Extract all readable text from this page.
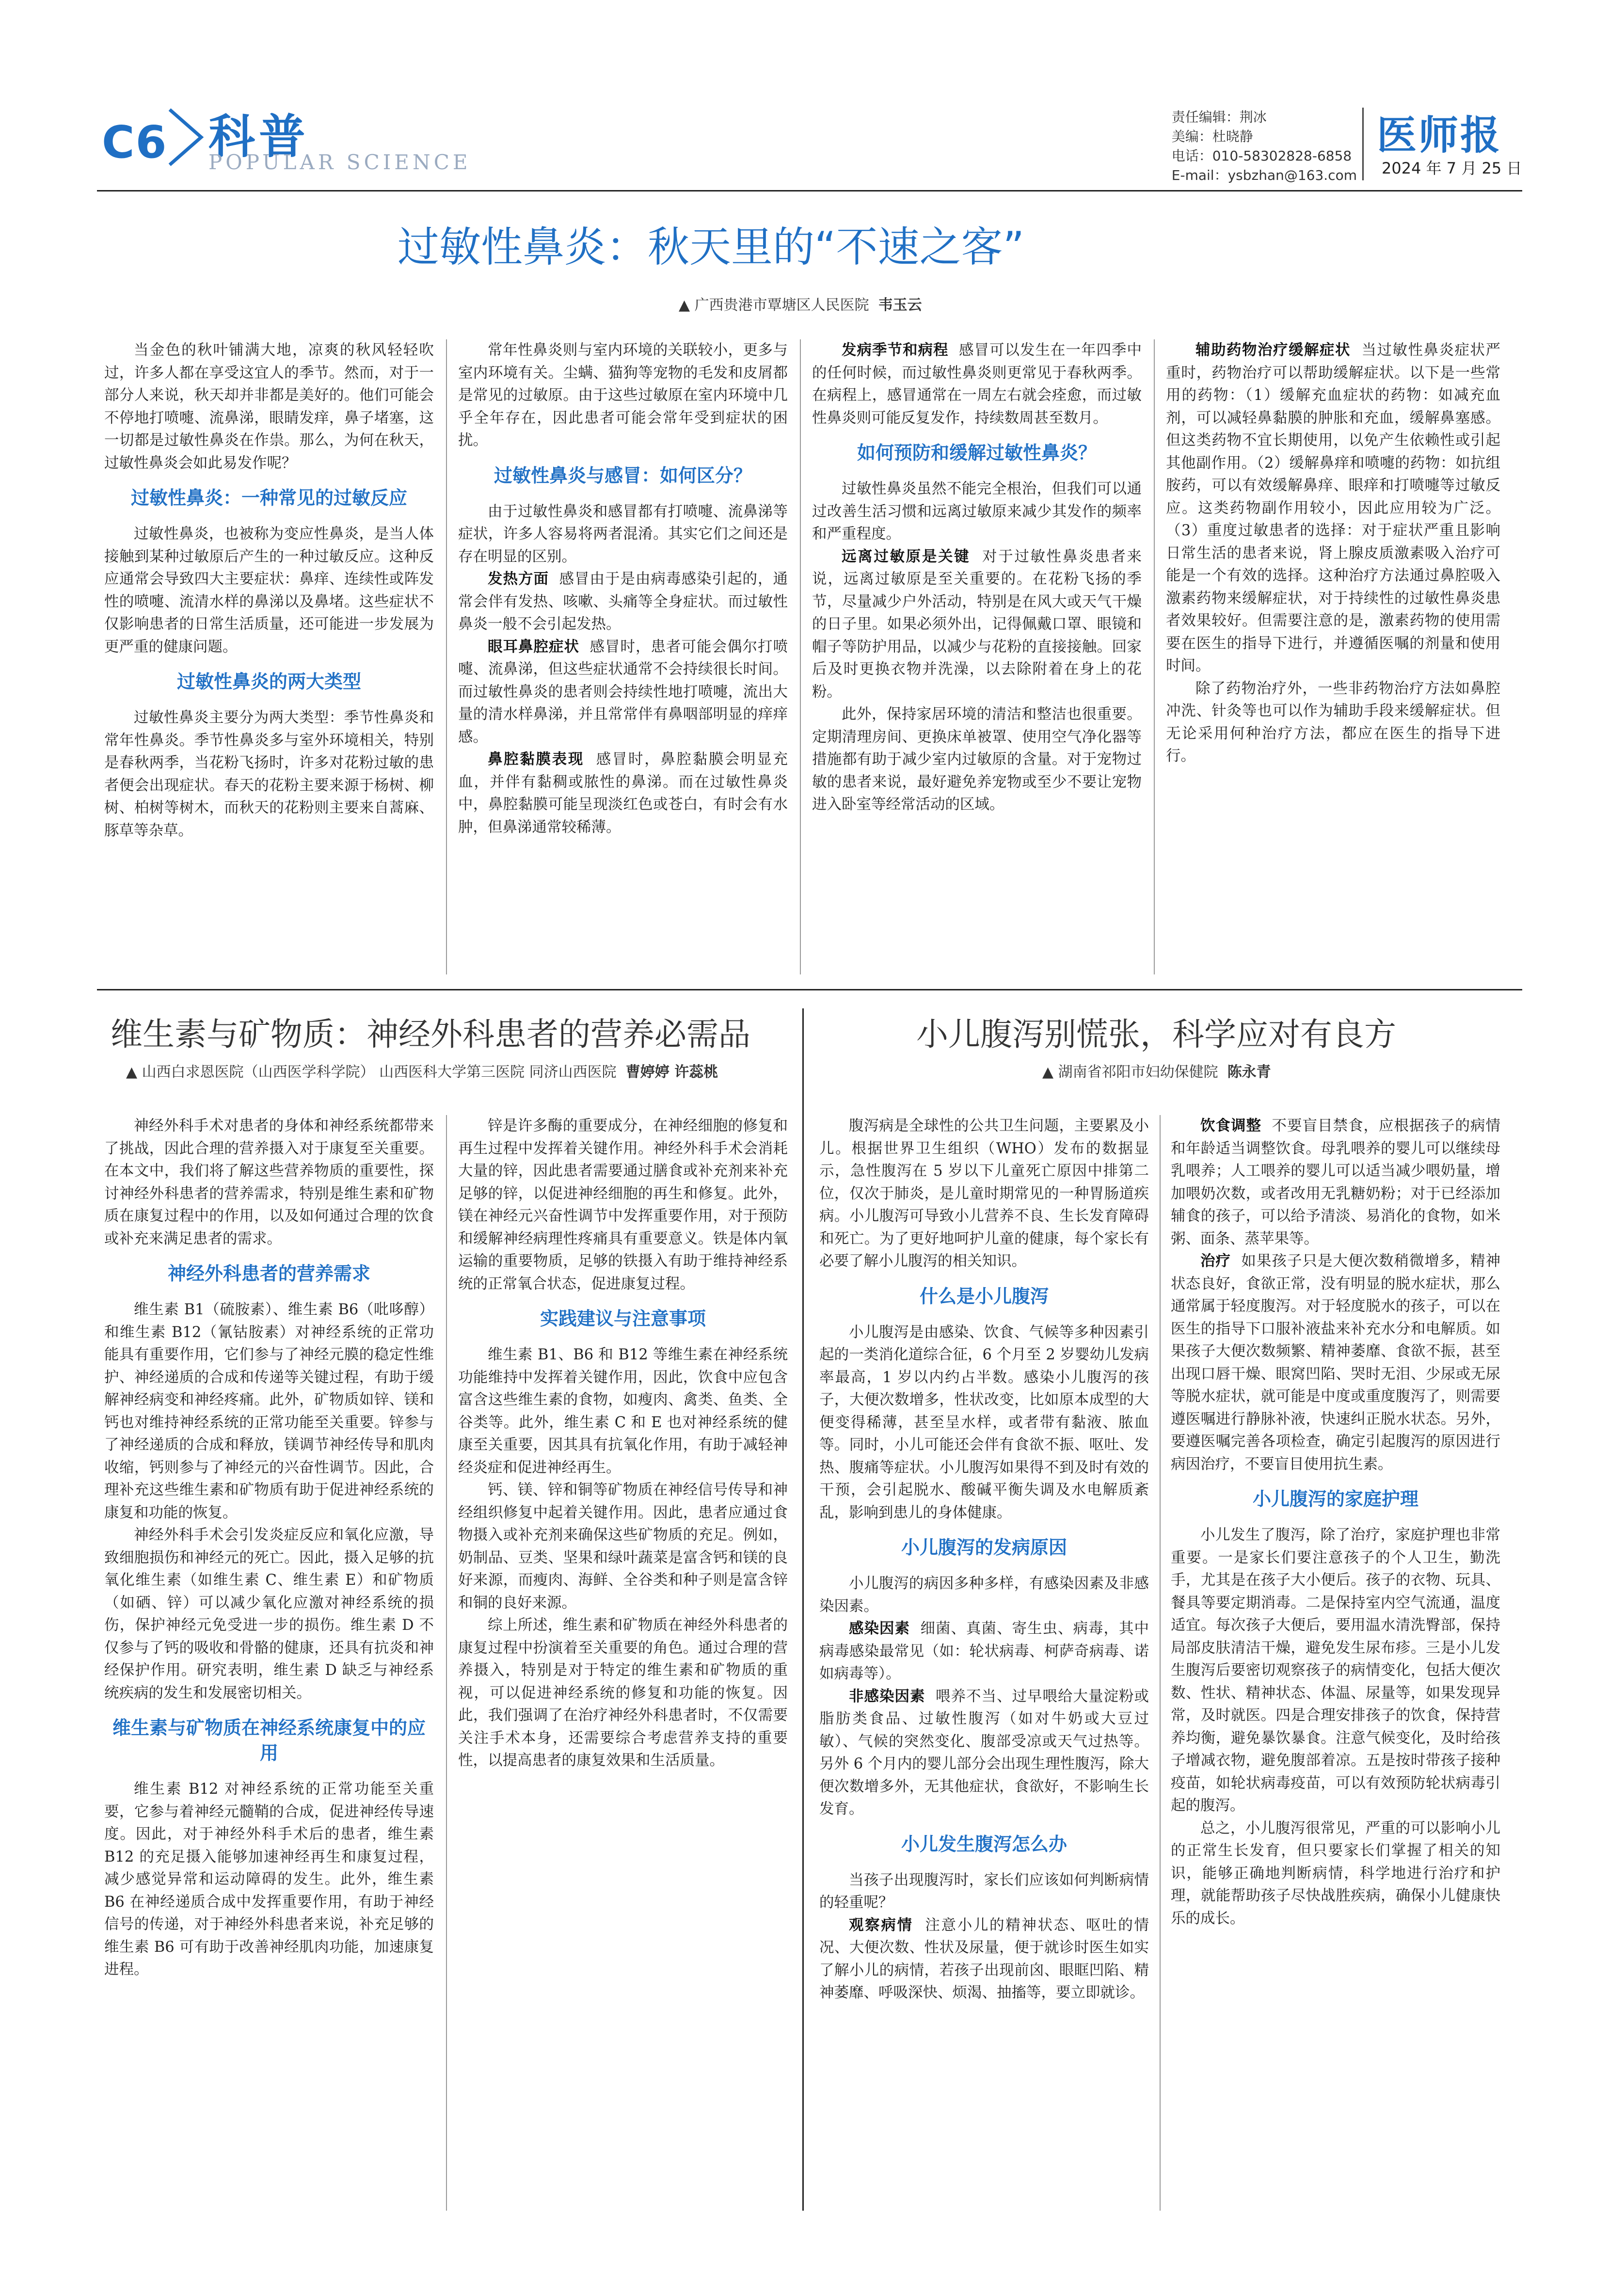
C6 科普
POPULAR SCIENCE
责任编辑：荆冰
美编：杜晓静
电话：010-58302828-6858
E-mail：ysbzhan@163.com
医师报
2024 年 7 月 25 日
过敏性鼻炎：秋天里的“不速之客”
▲ 广西贵港市覃塘区人民医院 韦玉云

当金色的秋叶铺满大地，凉爽的秋风轻轻吹过，许多人都在享受这宜人的季节。然而，对于一部分人来说，秋天却并非都是美好的。他们可能会不停地打喷嚏、流鼻涕，眼睛发痒，鼻子堵塞，这一切都是过敏性鼻炎在作祟。那么，为何在秋天，过敏性鼻炎会如此易发作呢？

过敏性鼻炎：一种常见的过敏反应

过敏性鼻炎，也被称为变应性鼻炎，是当人体接触到某种过敏原后产生的一种过敏反应。这种反应通常会导致四大主要症状：鼻痒、连续性或阵发性的喷嚏、流清水样的鼻涕以及鼻堵。这些症状不仅影响患者的日常生活质量，还可能进一步发展为更严重的健康问题。

过敏性鼻炎的两大类型

过敏性鼻炎主要分为两大类型：季节性鼻炎和常年性鼻炎。季节性鼻炎多与室外环境相关，特别是春秋两季，当花粉飞扬时，许多对花粉过敏的患者便会出现症状。春天的花粉主要来源于杨树、柳树、柏树等树木，而秋天的花粉则主要来自蒿麻、豚草等杂草。

常年性鼻炎则与室内环境的关联较小，更多与室内环境有关。尘螨、猫狗等宠物的毛发和皮屑都是常见的过敏原。由于这些过敏原在室内环境中几乎全年存在，因此患者可能会常年受到症状的困扰。

过敏性鼻炎与感冒：如何区分？

由于过敏性鼻炎和感冒都有打喷嚏、流鼻涕等症状，许多人容易将两者混淆。其实它们之间还是存在明显的区别。

发热方面 感冒由于是由病毒感染引起的，通常会伴有发热、咳嗽、头痛等全身症状。而过敏性鼻炎一般不会引起发热。

眼耳鼻腔症状 感冒时，患者可能会偶尔打喷嚏、流鼻涕，但这些症状通常不会持续很长时间。而过敏性鼻炎的患者则会持续性地打喷嚏，流出大量的清水样鼻涕，并且常常伴有鼻咽部明显的痒痒感。

鼻腔黏膜表现 感冒时，鼻腔黏膜会明显充血，并伴有黏稠或脓性的鼻涕。而在过敏性鼻炎中，鼻腔黏膜可能呈现淡红色或苍白，有时会有水肿，但鼻涕通常较稀薄。

发病季节和病程 感冒可以发生在一年四季中的任何时候，而过敏性鼻炎则更常见于春秋两季。在病程上，感冒通常在一周左右就会痊愈，而过敏性鼻炎则可能反复发作，持续数周甚至数月。

如何预防和缓解过敏性鼻炎？

过敏性鼻炎虽然不能完全根治，但我们可以通过改善生活习惯和远离过敏原来减少其发作的频率和严重程度。

远离过敏原是关键 对于过敏性鼻炎患者来说，远离过敏原是至关重要的。在花粉飞扬的季节，尽量减少户外活动，特别是在风大或天气干燥的日子里。如果必须外出，记得佩戴口罩、眼镜和帽子等防护用品，以减少与花粉的直接接触。回家后及时更换衣物并洗澡，以去除附着在身上的花粉。

此外，保持家居环境的清洁和整洁也很重要。定期清理房间、更换床单被罩、使用空气净化器等措施都有助于减少室内过敏原的含量。对于宠物过敏的患者来说，最好避免养宠物或至少不要让宠物进入卧室等经常活动的区域。

辅助药物治疗缓解症状 当过敏性鼻炎症状严重时，药物治疗可以帮助缓解症状。以下是一些常用的药物：（1）缓解充血症状的药物：如减充血剂，可以减轻鼻黏膜的肿胀和充血，缓解鼻塞感。但这类药物不宜长期使用，以免产生依赖性或引起其他副作用。（2）缓解鼻痒和喷嚏的药物：如抗组胺药，可以有效缓解鼻痒、眼痒和打喷嚏等过敏反应。这类药物副作用较小，因此应用较为广泛。（3）重度过敏患者的选择：对于症状严重且影响日常生活的患者来说，肾上腺皮质激素吸入治疗可能是一个有效的选择。这种治疗方法通过鼻腔吸入激素药物来缓解症状，对于持续性的过敏性鼻炎患者效果较好。但需要注意的是，激素药物的使用需要在医生的指导下进行，并遵循医嘱的剂量和使用时间。

除了药物治疗外，一些非药物治疗方法如鼻腔冲洗、针灸等也可以作为辅助手段来缓解症状。但无论采用何种治疗方法，都应在医生的指导下进行。

维生素与矿物质：神经外科患者的营养必需品
▲ 山西白求恩医院（山西医学科学院） 山西医科大学第三医院 同济山西医院 曹婷婷 许蕊桃

神经外科手术对患者的身体和神经系统都带来了挑战，因此合理的营养摄入对于康复至关重要。在本文中，我们将了解这些营养物质的重要性，探讨神经外科患者的营养需求，特别是维生素和矿物质在康复过程中的作用，以及如何通过合理的饮食或补充来满足患者的需求。

神经外科患者的营养需求

维生素 B1（硫胺素）、维生素 B6（吡哆醇）和维生素 B12（氰钴胺素）对神经系统的正常功能具有重要作用，它们参与了神经元膜的稳定性维护、神经递质的合成和传递等关键过程，有助于缓解神经病变和神经疼痛。此外，矿物质如锌、镁和钙也对维持神经系统的正常功能至关重要。锌参与了神经递质的合成和释放，镁调节神经传导和肌肉收缩，钙则参与了神经元的兴奋性调节。因此，合理补充这些维生素和矿物质有助于促进神经系统的康复和功能的恢复。

神经外科手术会引发炎症反应和氧化应激，导致细胞损伤和神经元的死亡。因此，摄入足够的抗氧化维生素（如维生素 C、维生素 E）和矿物质（如硒、锌）可以减少氧化应激对神经系统的损伤，保护神经元免受进一步的损伤。维生素 D 不仅参与了钙的吸收和骨骼的健康，还具有抗炎和神经保护作用。研究表明，维生素 D 缺乏与神经系统疾病的发生和发展密切相关。

维生素与矿物质在神经系统康复中的应用

维生素 B12 对神经系统的正常功能至关重要，它参与着神经元髓鞘的合成，促进神经传导速度。因此，对于神经外科手术后的患者，维生素 B12 的充足摄入能够加速神经再生和康复过程，减少感觉异常和运动障碍的发生。此外，维生素 B6 在神经递质合成中发挥重要作用，有助于神经信号的传递，对于神经外科患者来说，补充足够的维生素 B6 可有助于改善神经肌肉功能，加速康复进程。

锌是许多酶的重要成分，在神经细胞的修复和再生过程中发挥着关键作用。神经外科手术会消耗大量的锌，因此患者需要通过膳食或补充剂来补充足够的锌，以促进神经细胞的再生和修复。此外，镁在神经元兴奋性调节中发挥重要作用，对于预防和缓解神经病理性疼痛具有重要意义。铁是体内氧运输的重要物质，足够的铁摄入有助于维持神经系统的正常氧合状态，促进康复过程。

实践建议与注意事项

维生素 B1、B6 和 B12 等维生素在神经系统功能维持中发挥着关键作用，因此，饮食中应包含富含这些维生素的食物，如瘦肉、禽类、鱼类、全谷类等。此外，维生素 C 和 E 也对神经系统的健康至关重要，因其具有抗氧化作用，有助于减轻神经炎症和促进神经再生。

钙、镁、锌和铜等矿物质在神经信号传导和神经组织修复中起着关键作用。因此，患者应通过食物摄入或补充剂来确保这些矿物质的充足。例如，奶制品、豆类、坚果和绿叶蔬菜是富含钙和镁的良好来源，而瘦肉、海鲜、全谷类和种子则是富含锌和铜的良好来源。

综上所述，维生素和矿物质在神经外科患者的康复过程中扮演着至关重要的角色。通过合理的营养摄入，特别是对于特定的维生素和矿物质的重视，可以促进神经系统的修复和功能的恢复。因此，我们强调了在治疗神经外科患者时，不仅需要关注手术本身，还需要综合考虑营养支持的重要性，以提高患者的康复效果和生活质量。

小儿腹泻别慌张，科学应对有良方
▲ 湖南省祁阳市妇幼保健院 陈永青

腹泻病是全球性的公共卫生问题，主要累及小儿。根据世界卫生组织（WHO）发布的数据显示，急性腹泻在 5 岁以下儿童死亡原因中排第二位，仅次于肺炎，是儿童时期常见的一种胃肠道疾病。小儿腹泻可导致小儿营养不良、生长发育障碍和死亡。为了更好地呵护儿童的健康，每个家长有必要了解小儿腹泻的相关知识。

什么是小儿腹泻

小儿腹泻是由感染、饮食、气候等多种因素引起的一类消化道综合征，6 个月至 2 岁婴幼儿发病率最高，1 岁以内约占半数。感染小儿腹泻的孩子，大便次数增多，性状改变，比如原本成型的大便变得稀薄，甚至呈水样，或者带有黏液、脓血等。同时，小儿可能还会伴有食欲不振、呕吐、发热、腹痛等症状。小儿腹泻如果得不到及时有效的干预，会引起脱水、酸碱平衡失调及水电解质紊乱，影响到患儿的身体健康。

小儿腹泻的发病原因

小儿腹泻的病因多种多样，有感染因素及非感染因素。

感染因素 细菌、真菌、寄生虫、病毒，其中病毒感染最常见（如：轮状病毒、柯萨奇病毒、诺如病毒等）。

非感染因素 喂养不当、过早喂给大量淀粉或脂肪类食品、过敏性腹泻（如对牛奶或大豆过敏）、气候的突然变化、腹部受凉或天气过热等。另外 6 个月内的婴儿部分会出现生理性腹泻，除大便次数增多外，无其他症状，食欲好，不影响生长发育。

小儿发生腹泻怎么办

当孩子出现腹泻时，家长们应该如何判断病情的轻重呢？

观察病情 注意小儿的精神状态、呕吐的情况、大便次数、性状及尿量，便于就诊时医生如实了解小儿的病情，若孩子出现前囟、眼眶凹陷、精神萎靡、呼吸深快、烦渴、抽搐等，要立即就诊。

饮食调整 不要盲目禁食，应根据孩子的病情和年龄适当调整饮食。母乳喂养的婴儿可以继续母乳喂养；人工喂养的婴儿可以适当减少喂奶量，增加喂奶次数，或者改用无乳糖奶粉；对于已经添加辅食的孩子，可以给予清淡、易消化的食物，如米粥、面条、蒸苹果等。

治疗 如果孩子只是大便次数稍微增多，精神状态良好，食欲正常，没有明显的脱水症状，那么通常属于轻度腹泻。对于轻度脱水的孩子，可以在医生的指导下口服补液盐来补充水分和电解质。如果孩子大便次数频繁、精神萎靡、食欲不振，甚至出现口唇干燥、眼窝凹陷、哭时无泪、少尿或无尿等脱水症状，就可能是中度或重度腹泻了，则需要遵医嘱进行静脉补液，快速纠正脱水状态。另外，要遵医嘱完善各项检查，确定引起腹泻的原因进行病因治疗，不要盲目使用抗生素。

小儿腹泻的家庭护理

小儿发生了腹泻，除了治疗，家庭护理也非常重要。一是家长们要注意孩子的个人卫生，勤洗手，尤其是在孩子大小便后。孩子的衣物、玩具、餐具等要定期消毒。二是保持室内空气流通，温度适宜。每次孩子大便后，要用温水清洗臀部，保持局部皮肤清洁干燥，避免发生尿布疹。三是小儿发生腹泻后要密切观察孩子的病情变化，包括大便次数、性状、精神状态、体温、尿量等，如果发现异常，及时就医。四是合理安排孩子的饮食，保持营养均衡，避免暴饮暴食。注意气候变化，及时给孩子增减衣物，避免腹部着凉。五是按时带孩子接种疫苗，如轮状病毒疫苗，可以有效预防轮状病毒引起的腹泻。

总之，小儿腹泻很常见，严重的可以影响小儿的正常生长发育，但只要家长们掌握了相关的知识，能够正确地判断病情，科学地进行治疗和护理，就能帮助孩子尽快战胜疾病，确保小儿健康快乐的成长。
